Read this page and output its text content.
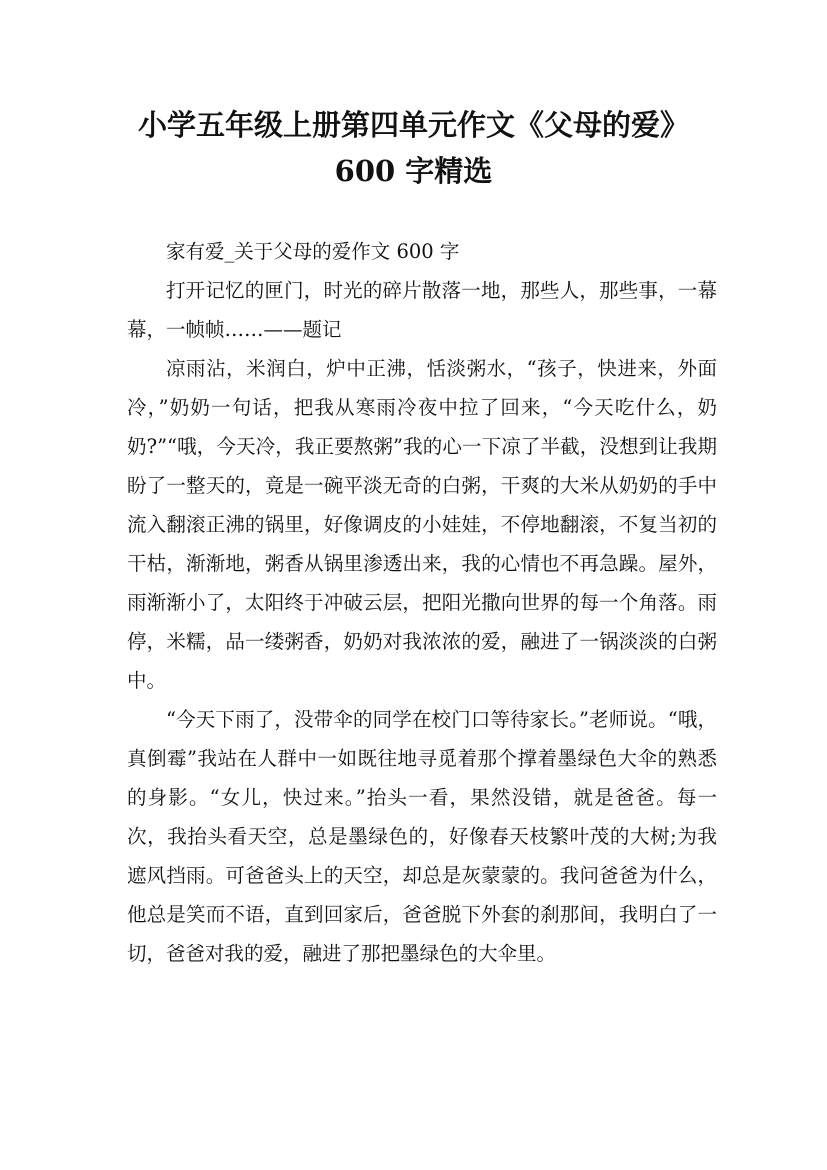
小学五年级上册第四单元作文《父母的爱》
600 字精选

家有爱_关于父母的爱作文 600 字

打开记忆的匣门，时光的碎片散落一地，那些人，那些事，一幕幕，一帧帧……——题记

凉雨沾，米润白，炉中正沸，恬淡粥水，“孩子，快进来，外面冷，”奶奶一句话，把我从寒雨冷夜中拉了回来，“今天吃什么，奶奶?”“哦，今天冷，我正要熬粥”我的心一下凉了半截，没想到让我期盼了一整天的，竟是一碗平淡无奇的白粥，干爽的大米从奶奶的手中流入翻滚正沸的锅里，好像调皮的小娃娃，不停地翻滚，不复当初的干枯，渐渐地，粥香从锅里渗透出来，我的心情也不再急躁。屋外，雨渐渐小了，太阳终于冲破云层，把阳光撒向世界的每一个角落。雨停，米糯，品一缕粥香，奶奶对我浓浓的爱，融进了一锅淡淡的白粥中。

“今天下雨了，没带伞的同学在校门口等待家长。”老师说。“哦，真倒霉”我站在人群中一如既往地寻觅着那个撑着墨绿色大伞的熟悉的身影。“女儿，快过来。”抬头一看，果然没错，就是爸爸。每一次，我抬头看天空，总是墨绿色的，好像春天枝繁叶茂的大树;为我遮风挡雨。可爸爸头上的天空，却总是灰蒙蒙的。我问爸爸为什么，他总是笑而不语，直到回家后，爸爸脱下外套的刹那间，我明白了一切，爸爸对我的爱，融进了那把墨绿色的大伞里。
